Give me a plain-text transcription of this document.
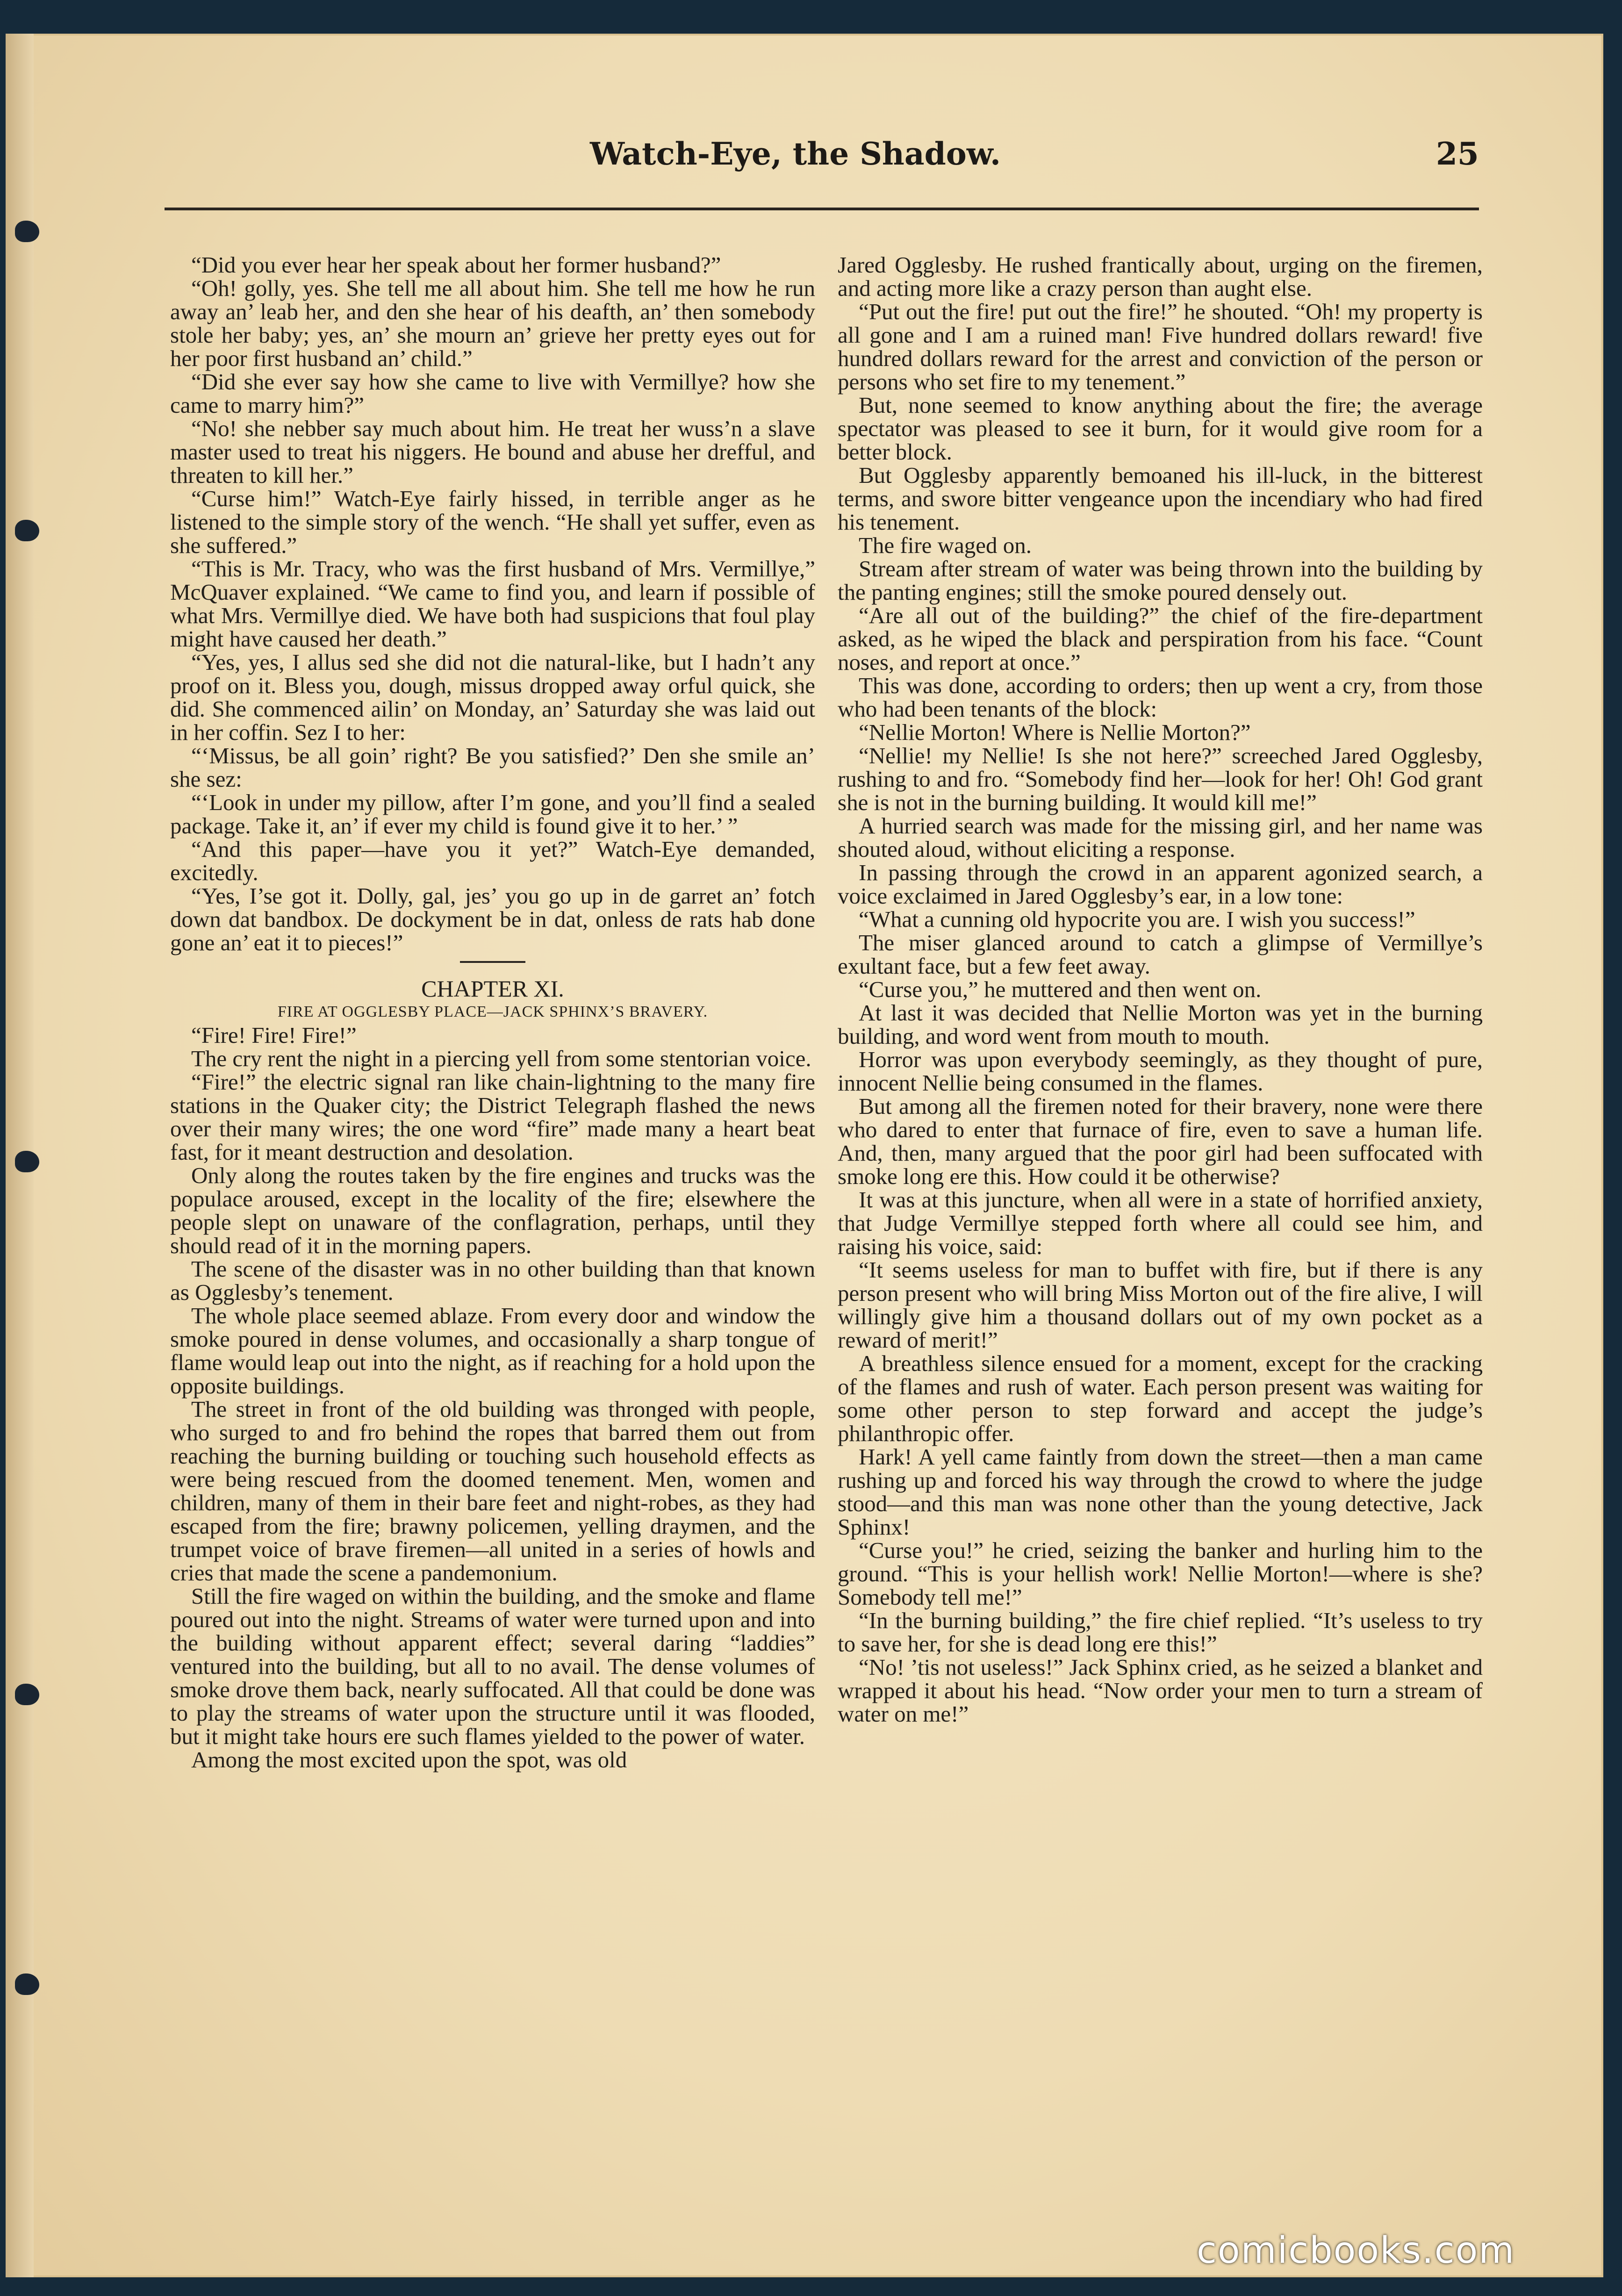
Watch-Eye, the Shadow.	25

“Did you ever hear her speak about her former husband?”

“Oh! golly, yes. She tell me all about him. She tell me how he run away an’ leab her, and den she hear of his deafth, an’ then somebody stole her baby; yes, an’ she mourn an’ grieve her pretty eyes out for her poor first husband an’ child.”

“Did she ever say how she came to live with Vermillye? how she came to marry him?”

“No! she nebber say much about him. He treat her wuss’n a slave master used to treat his niggers. He bound and abuse her drefful, and threaten to kill her.”

“Curse him!” Watch-Eye fairly hissed, in terrible anger as he listened to the simple story of the wench. “He shall yet suffer, even as she suffered.”

“This is Mr. Tracy, who was the first husband of Mrs. Vermillye,” McQuaver explained. “We came to find you, and learn if possible of what Mrs. Vermillye died. We have both had suspicions that foul play might have caused her death.”

“Yes, yes, I allus sed she did not die natural-like, but I hadn’t any proof on it. Bless you, dough, missus dropped away orful quick, she did. She commenced ailin’ on Monday, an’ Saturday she was laid out in her coffin. Sez I to her:

“‘Missus, be all goin’ right? Be you satisfied?’ Den she smile an’ she sez:

“‘Look in under my pillow, after I’m gone, and you’ll find a sealed package. Take it, an’ if ever my child is found give it to her.’ ”

“And this paper—have you it yet?” Watch-Eye demanded, excitedly.

“Yes, I’se got it. Dolly, gal, jes’ you go up in de garret an’ fotch down dat bandbox. De dockyment be in dat, onless de rats hab done gone an’ eat it to pieces!”

CHAPTER XI.

FIRE AT OGGLESBY PLACE—JACK SPHINX’S BRAVERY.

“Fire! Fire! Fire!”

The cry rent the night in a piercing yell from some stentorian voice.

“Fire!” the electric signal ran like chain-lightning to the many fire stations in the Quaker city; the District Telegraph flashed the news over their many wires; the one word “fire” made many a heart beat fast, for it meant destruction and desolation.

Only along the routes taken by the fire engines and trucks was the populace aroused, except in the locality of the fire; elsewhere the people slept on unaware of the conflagration, perhaps, until they should read of it in the morning papers.

The scene of the disaster was in no other building than that known as Ogglesby’s tenement.

The whole place seemed ablaze. From every door and window the smoke poured in dense volumes, and occasionally a sharp tongue of flame would leap out into the night, as if reaching for a hold upon the opposite buildings.

The street in front of the old building was thronged with people, who surged to and fro behind the ropes that barred them out from reaching the burning building or touching such household effects as were being rescued from the doomed tenement. Men, women and children, many of them in their bare feet and night-robes, as they had escaped from the fire; brawny policemen, yelling draymen, and the trumpet voice of brave firemen—all united in a series of howls and cries that made the scene a pandemonium.

Still the fire waged on within the building, and the smoke and flame poured out into the night. Streams of water were turned upon and into the building without apparent effect; several daring “laddies” ventured into the building, but all to no avail. The dense volumes of smoke drove them back, nearly suffocated. All that could be done was to play the streams of water upon the structure until it was flooded, but it might take hours ere such flames yielded to the power of water.

Among the most excited upon the spot, was old

Jared Ogglesby. He rushed frantically about, urging on the firemen, and acting more like a crazy person than aught else.

“Put out the fire! put out the fire!” he shouted. “Oh! my property is all gone and I am a ruined man! Five hundred dollars reward! five hundred dollars reward for the arrest and conviction of the person or persons who set fire to my tenement.”

But, none seemed to know anything about the fire; the average spectator was pleased to see it burn, for it would give room for a better block.

But Ogglesby apparently bemoaned his ill-luck, in the bitterest terms, and swore bitter vengeance upon the incendiary who had fired his tenement.

The fire waged on.

Stream after stream of water was being thrown into the building by the panting engines; still the smoke poured densely out.

“Are all out of the building?” the chief of the fire-department asked, as he wiped the black and perspiration from his face. “Count noses, and report at once.”

This was done, according to orders; then up went a cry, from those who had been tenants of the block:

“Nellie Morton! Where is Nellie Morton?”

“Nellie! my Nellie! Is she not here?” screeched Jared Ogglesby, rushing to and fro. “Somebody find her—look for her! Oh! God grant she is not in the burning building. It would kill me!”

A hurried search was made for the missing girl, and her name was shouted aloud, without eliciting a response.

In passing through the crowd in an apparent agonized search, a voice exclaimed in Jared Ogglesby’s ear, in a low tone:

“What a cunning old hypocrite you are. I wish you success!”

The miser glanced around to catch a glimpse of Vermillye’s exultant face, but a few feet away.

“Curse you,” he muttered and then went on.

At last it was decided that Nellie Morton was yet in the burning building, and word went from mouth to mouth.

Horror was upon everybody seemingly, as they thought of pure, innocent Nellie being consumed in the flames.

But among all the firemen noted for their bravery, none were there who dared to enter that furnace of fire, even to save a human life. And, then, many argued that the poor girl had been suffocated with smoke long ere this. How could it be otherwise?

It was at this juncture, when all were in a state of horrified anxiety, that Judge Vermillye stepped forth where all could see him, and raising his voice, said:

“It seems useless for man to buffet with fire, but if there is any person present who will bring Miss Morton out of the fire alive, I will willingly give him a thousand dollars out of my own pocket as a reward of merit!”

A breathless silence ensued for a moment, except for the cracking of the flames and rush of water. Each person present was waiting for some other person to step forward and accept the judge’s philanthropic offer.

Hark! A yell came faintly from down the street—then a man came rushing up and forced his way through the crowd to where the judge stood—and this man was none other than the young detective, Jack Sphinx!

“Curse you!” he cried, seizing the banker and hurling him to the ground. “This is your hellish work! Nellie Morton!—where is she? Somebody tell me!”

“In the burning building,” the fire chief replied. “It’s useless to try to save her, for she is dead long ere this!”

“No! ’tis not useless!” Jack Sphinx cried, as he seized a blanket and wrapped it about his head. “Now order your men to turn a stream of water on me!”

comicbooks.com
